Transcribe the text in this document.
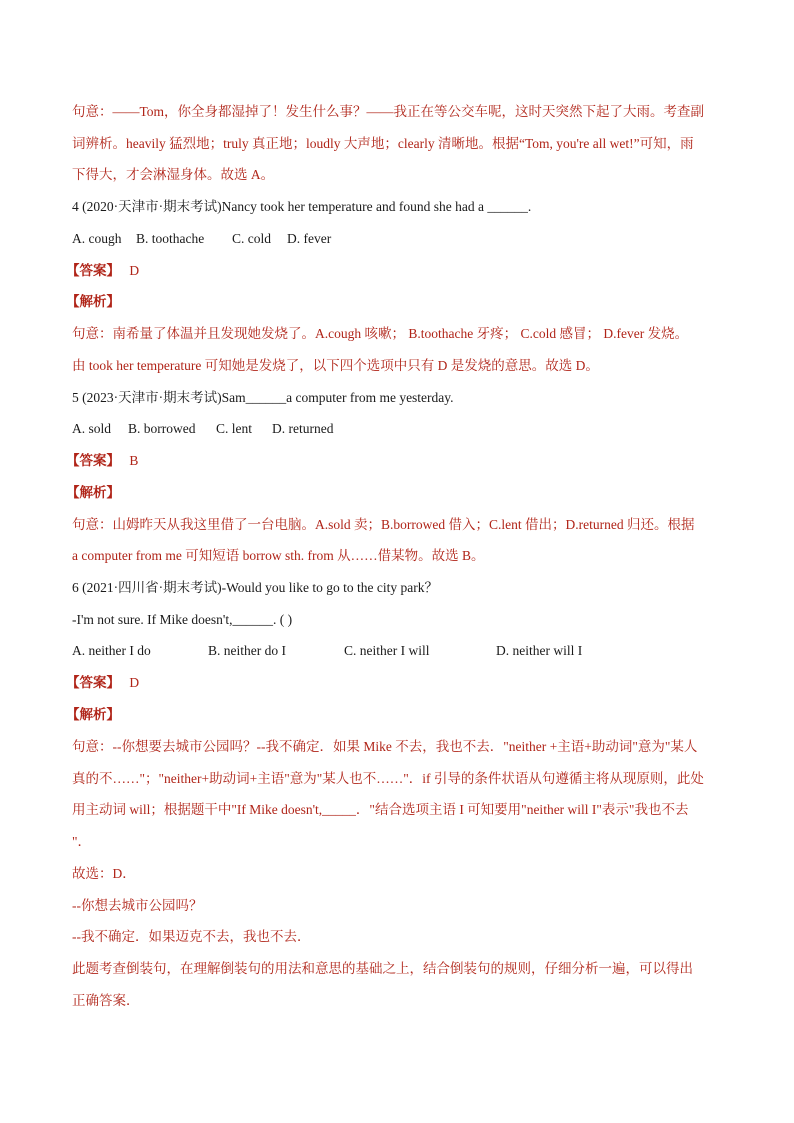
句意：——Tom，你全身都湿掉了！发生什么事？——我正在等公交车呢，这时天突然下起了大雨。考查副
词辨析。heavily 猛烈地；truly 真正地；loudly 大声地；clearly 清晰地。根据“Tom, you're all wet!”可知，雨
下得大，才会淋湿身体。故选 A。
4 (2020·天津市·期末考试)Nancy took her temperature and found she had a ______.
A. cough B. toothache C. cold D. fever
【答案】 D
【解析】
句意：南希量了体温并且发现她发烧了。A.cough 咳嗽； B.toothache 牙疼； C.cold 感冒； D.fever 发烧。
由 took her temperature 可知她是发烧了，以下四个选项中只有 D 是发烧的意思。故选 D。
5 (2023·天津市·期末考试)Sam______a computer from me yesterday.
A. sold B. borrowed C. lent D. returned
【答案】 B
【解析】
句意：山姆昨天从我这里借了一台电脑。A.sold 卖；B.borrowed 借入；C.lent 借出；D.returned 归还。根据
a computer from me 可知短语 borrow sth. from 从……借某物。故选 B。
6 (2021·四川省·期末考试)-Would you like to go to the city park？
-I'm not sure. If Mike doesn't,______. ( )
A. neither I do	B. neither do I	C. neither I will	D. neither will I
【答案】 D
【解析】
句意：--你想要去城市公园吗？--我不确定．如果 Mike 不去，我也不去．"neither +主语+助动词"意为"某人
真的不……"；"neither+助动词+主语"意为"某人也不……"．if 引导的条件状语从句遵循主将从现原则，此处
用主动词 will；根据题干中"If Mike doesn't,_____．"结合选项主语 I 可知要用"neither will I"表示"我也不去
"．
故选：D．
--你想去城市公园吗？
--我不确定．如果迈克不去，我也不去．
此题考查倒装句，在理解倒装句的用法和意思的基础之上，结合倒装句的规则，仔细分析一遍，可以得出
正确答案．
